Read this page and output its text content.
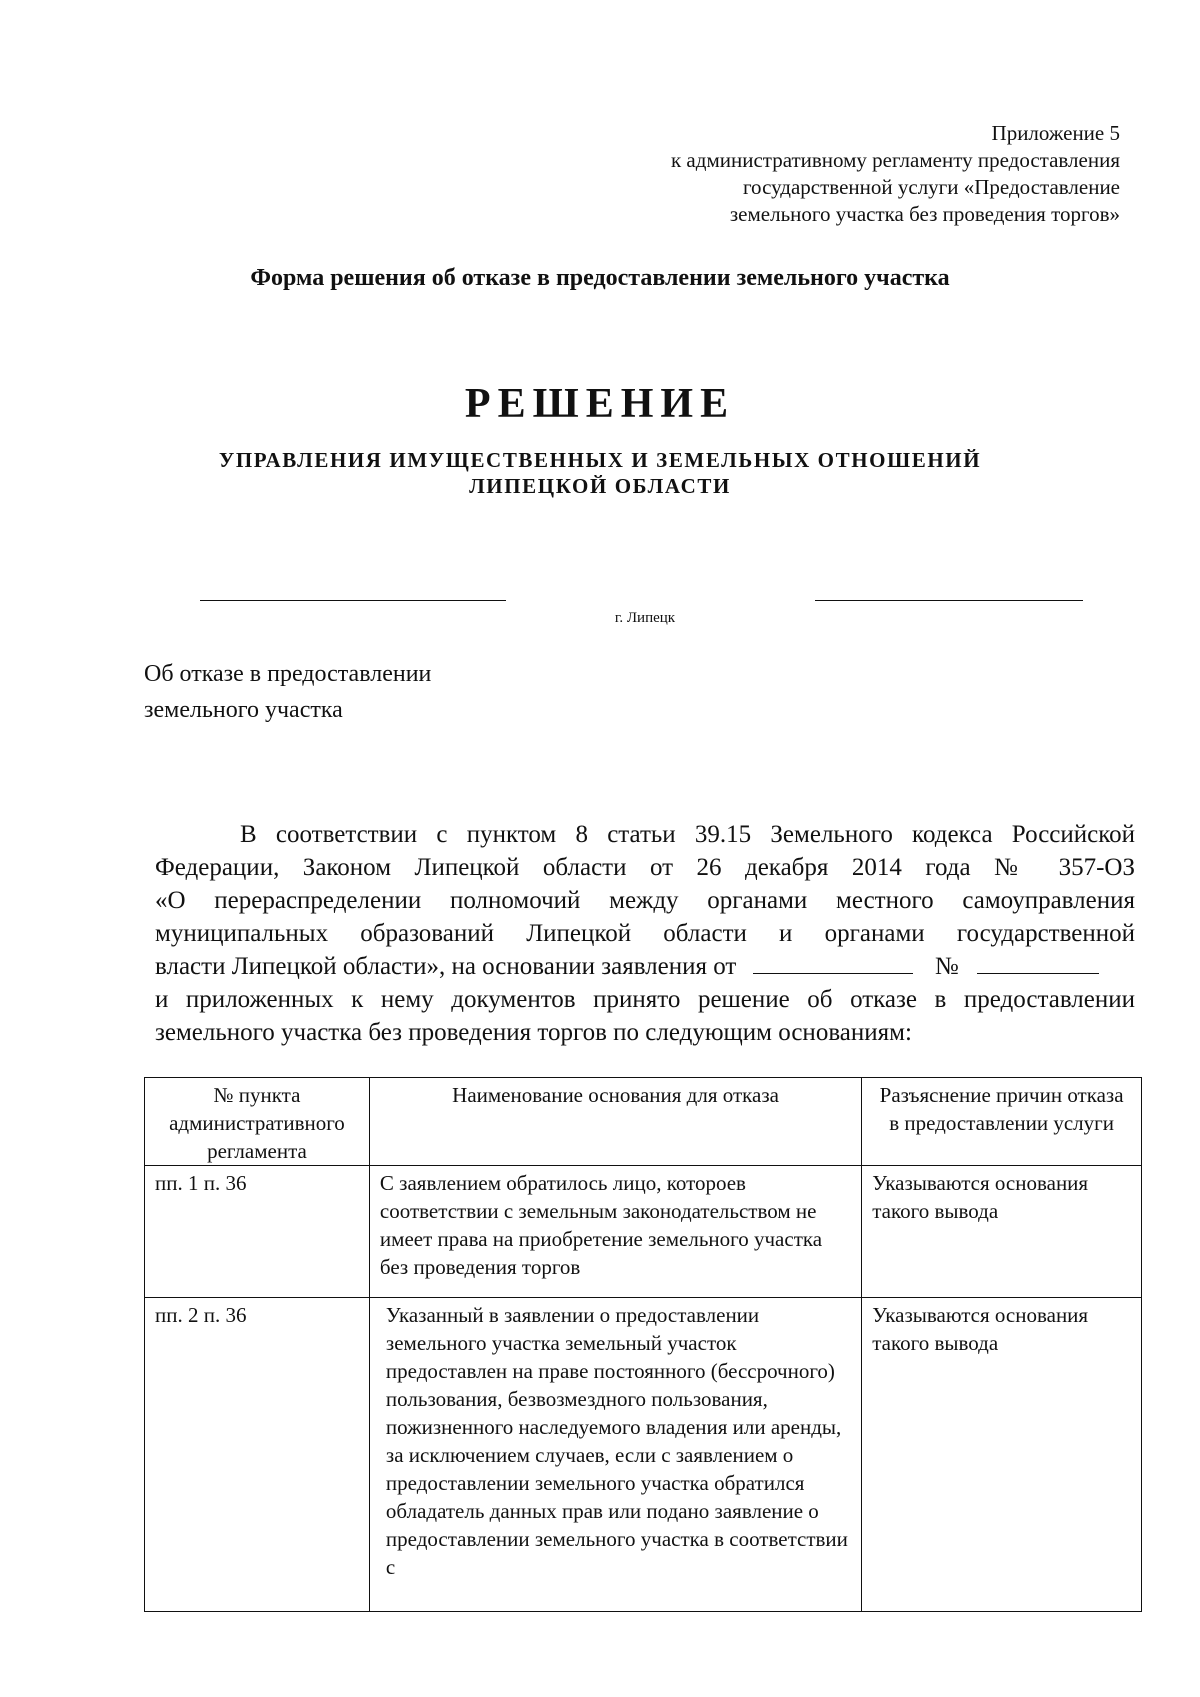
Приложение 5
к административному регламенту предоставления
государственной услуги «Предоставление
земельного участка без проведения торгов»
Форма решения об отказе в предоставлении земельного участка
РЕШЕНИЕ
УПРАВЛЕНИЯ ИМУЩЕСТВЕННЫХ И ЗЕМЕЛЬНЫХ ОТНОШЕНИЙ
ЛИПЕЦКОЙ ОБЛАСТИ
г. Липецк
Об отказе в предоставлении
земельного участка
В соответствии с пунктом 8 статьи 39.15 Земельного кодекса Российской
Федерации, Законом Липецкой области от 26 декабря 2014 года № 357-ОЗ
«О перераспределении полномочий между органами местного самоуправления
муниципальных образований Липецкой области и органами государственной
власти Липецкой области», на основании заявления от	№
и приложенных к нему документов принято решение об отказе в предоставлении
земельного участка без проведения торгов по следующим основаниям:
№ пункта административного регламента	Наименование основания для отказа	Разъяснение причин отказа в предоставлении услуги
пп. 1 п. 36	С заявлением обратилось лицо, котороев соответствии с земельным законодательством не имеет права на приобретение земельного участка без проведения торгов	Указываются основания такого вывода
пп. 2 п. 36	Указанный в заявлении о предоставлении земельного участка земельный участок предоставлен на праве постоянного (бессрочного) пользования, безвозмездного пользования, пожизненного наследуемого владения или аренды, за исключением случаев, если с заявлением о предоставлении земельного участка обратился обладатель данных прав или подано заявление о предоставлении земельного участка в соответствии с	Указываются основания такого вывода
